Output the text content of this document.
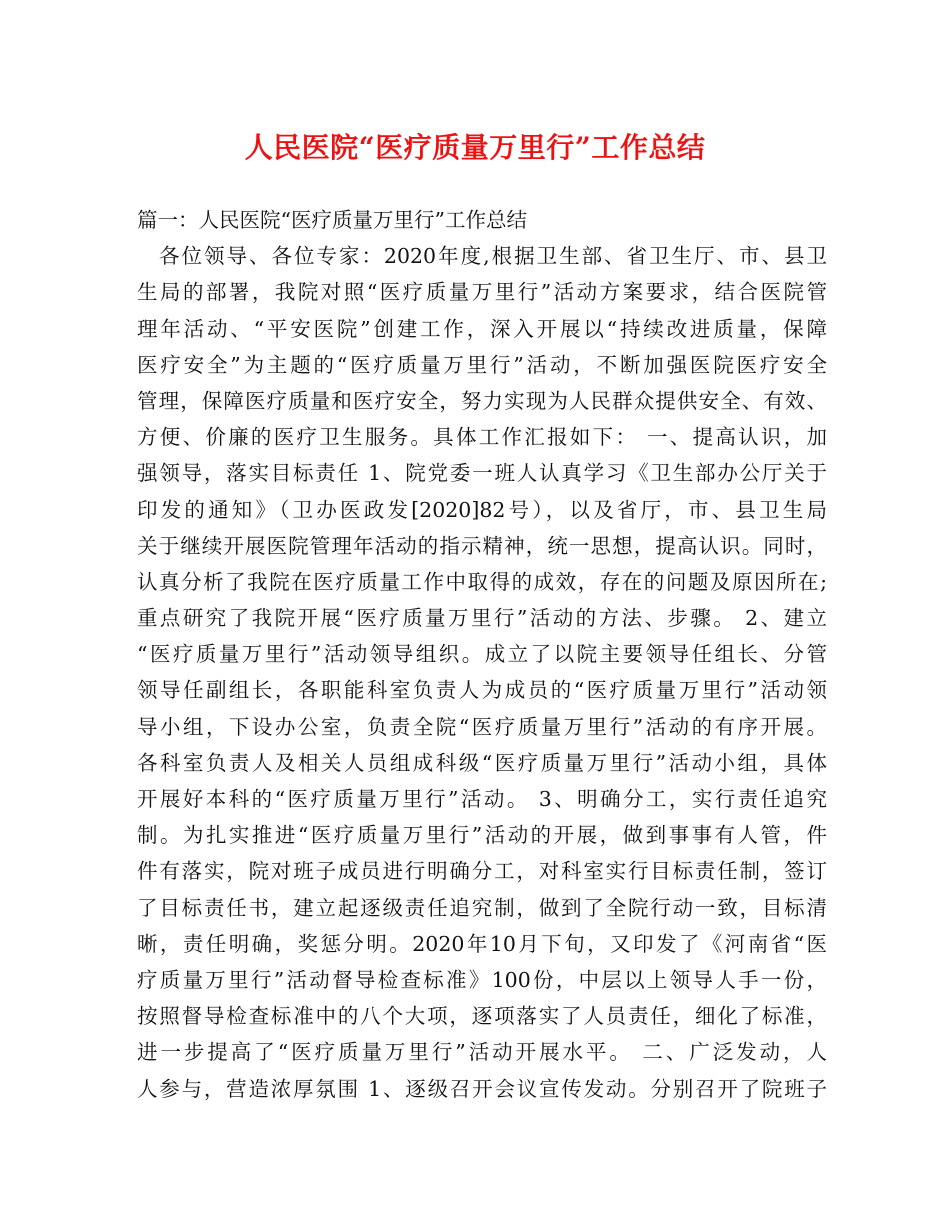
人民医院“医疗质量万里行”工作总结
篇一：人民医院“医疗质量万里行”工作总结
各位领导、各位专家：2020年度,根据卫生部、省卫生厅、市、县卫
生局的部署，我院对照“医疗质量万里行”活动方案要求，结合医院管
理年活动、“平安医院”创建工作，深入开展以“持续改进质量，保障
医疗安全”为主题的“医疗质量万里行”活动，不断加强医院医疗安全
管理，保障医疗质量和医疗安全，努力实现为人民群众提供安全、有效、
方便、价廉的医疗卫生服务。具体工作汇报如下： 一、提高认识，加
强领导，落实目标责任 1、院党委一班人认真学习《卫生部办公厅关于
印发的通知》（卫办医政发[2020]82号），以及省厅，市、县卫生局
关于继续开展医院管理年活动的指示精神，统一思想，提高认识。同时，
认真分析了我院在医疗质量工作中取得的成效，存在的问题及原因所在;
重点研究了我院开展“医疗质量万里行”活动的方法、步骤。 2、建立
“医疗质量万里行”活动领导组织。成立了以院主要领导任组长、分管
领导任副组长，各职能科室负责人为成员的“医疗质量万里行”活动领
导小组，下设办公室，负责全院“医疗质量万里行”活动的有序开展。
各科室负责人及相关人员组成科级“医疗质量万里行”活动小组，具体
开展好本科的“医疗质量万里行”活动。 3、明确分工，实行责任追究
制。为扎实推进“医疗质量万里行”活动的开展，做到事事有人管，件
件有落实，院对班子成员进行明确分工，对科室实行目标责任制，签订
了目标责任书，建立起逐级责任追究制，做到了全院行动一致，目标清
晰，责任明确，奖惩分明。2020年10月下旬，又印发了《河南省“医
疗质量万里行”活动督导检查标准》100份，中层以上领导人手一份，
按照督导检查标准中的八个大项，逐项落实了人员责任，细化了标准，
进一步提高了“医疗质量万里行”活动开展水平。 二、广泛发动，人
人参与，营造浓厚氛围 1、逐级召开会议宣传发动。分别召开了院班子
